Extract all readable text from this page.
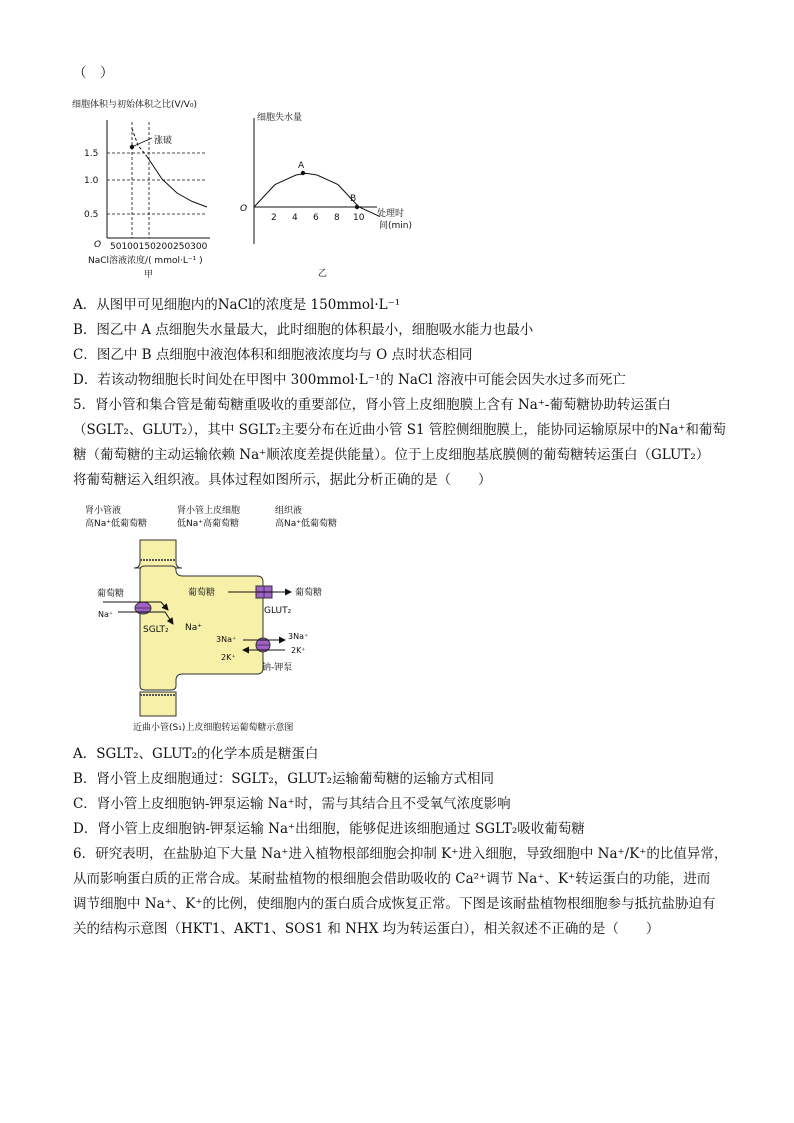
（　）
细胞体积与初始体积之比(V/V₀)
涨破
1.5
1.0
0.5
O 50100150200250300
NaCl溶液浓度/( mmol·L⁻¹ )
甲
细胞失水量
A
B
O
2 4 6 8 10 处理时
间(min)
乙
A．从图甲可见细胞内的NaCl的浓度是 150mmol·L⁻¹
B．图乙中 A 点细胞失水量最大，此时细胞的体积最小，细胞吸水能力也最小
C．图乙中 B 点细胞中液泡体积和细胞液浓度均与 O 点时状态相同
D．若该动物细胞长时间处在甲图中 300mmol·L⁻¹的 NaCl 溶液中可能会因失水过多而死亡
5．肾小管和集合管是葡萄糖重吸收的重要部位，肾小管上皮细胞膜上含有 Na⁺-葡萄糖协助转运蛋白
（SGLT₂、GLUT₂），其中 SGLT₂主要分布在近曲小管 S1 管腔侧细胞膜上，能协同运输原尿中的Na⁺和葡萄
糖（葡萄糖的主动运输依赖 Na⁺顺浓度差提供能量）。位于上皮细胞基底膜侧的葡萄糖转运蛋白（GLUT₂）
将葡萄糖运入组织液。具体过程如图所示，据此分析正确的是（　　）
肾小管液
高Na⁺低葡萄糖
肾小管上皮细胞
低Na⁺高葡萄糖
组织液
高Na⁺低葡萄糖
葡萄糖
Na⁺
SGLT₂ Na⁺
葡萄糖	葡萄糖
GLUT₂
3Na⁺
2K⁺
3Na⁺
2K⁺
钠-钾泵
近曲小管(S₁)上皮细胞转运葡萄糖示意图
A．SGLT₂、GLUT₂的化学本质是糖蛋白
B．肾小管上皮细胞通过：SGLT₂，GLUT₂运输葡萄糖的运输方式相同
C．肾小管上皮细胞钠-钾泵运输 Na⁺时，需与其结合且不受氧气浓度影响
D．肾小管上皮细胞钠-钾泵运输 Na⁺出细胞，能够促进该细胞通过 SGLT₂吸收葡萄糖
6．研究表明，在盐胁迫下大量 Na⁺进入植物根部细胞会抑制 K⁺进入细胞，导致细胞中 Na⁺/K⁺的比值异常，
从而影响蛋白质的正常合成。某耐盐植物的根细胞会借助吸收的 Ca²⁺调节 Na⁺、K⁺转运蛋白的功能，进而
调节细胞中 Na⁺、K⁺的比例，使细胞内的蛋白质合成恢复正常。下图是该耐盐植物根细胞参与抵抗盐胁迫有
关的结构示意图（HKT1、AKT1、SOS1 和 NHX 均为转运蛋白），相关叙述不正确的是（　　）
